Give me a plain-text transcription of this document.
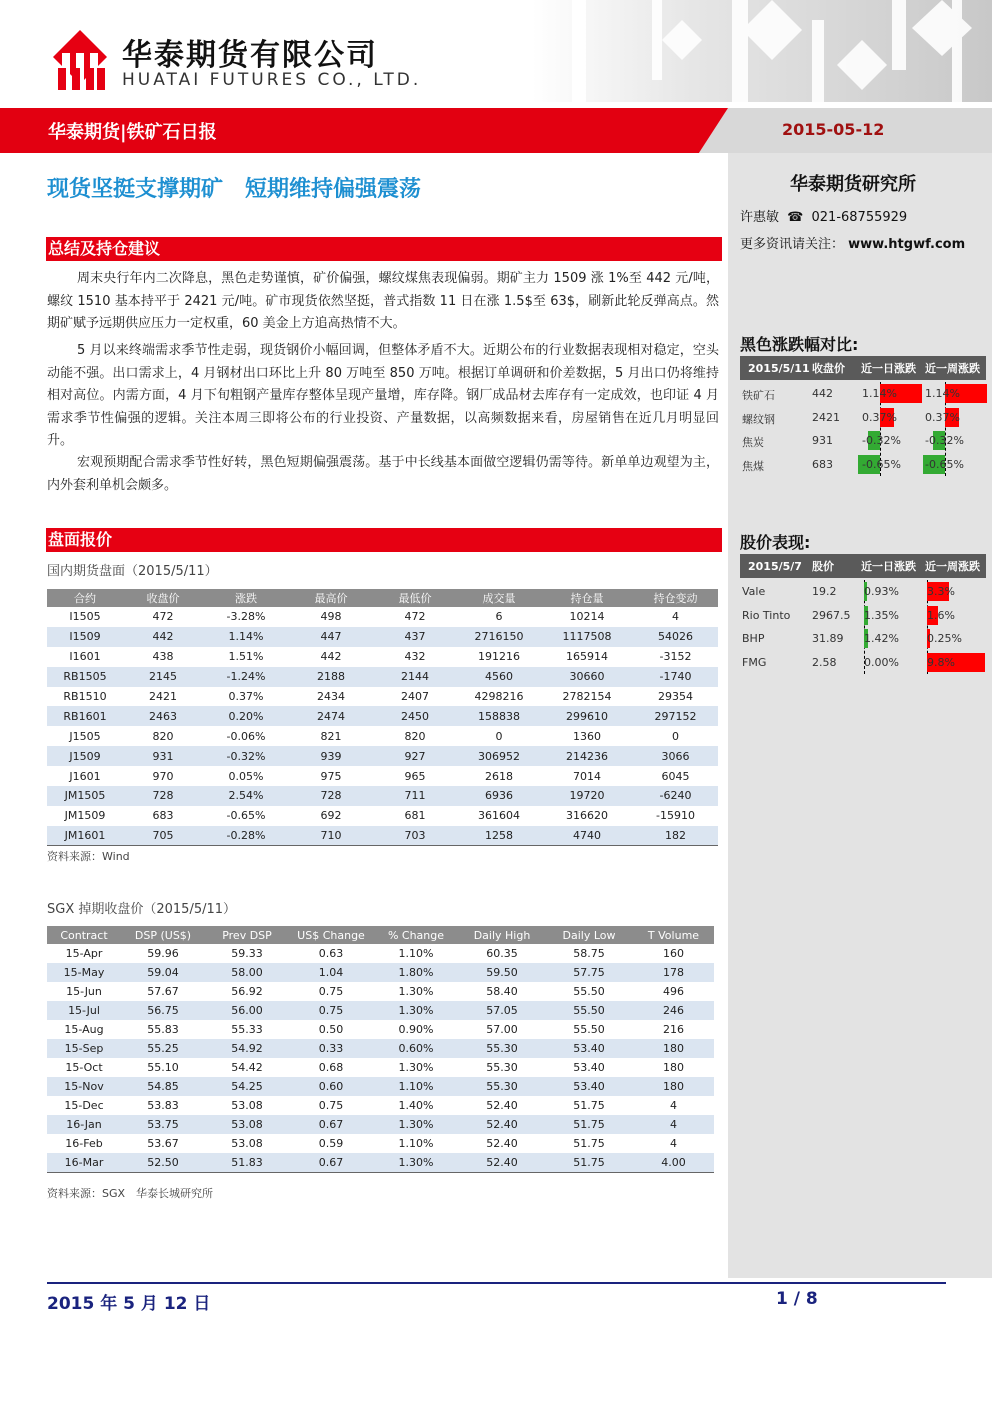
华泰期货有限公司
HUATAI FUTURES CO., LTD.
华泰期货|铁矿石日报	2015-05-12
现货坚挺支撑期矿　短期维持偏强震荡	华泰期货研究所
许惠敏 ☎ 021-68755929
更多资讯请关注： www.htgwf.com
黑色涨跌幅对比:
2015/5/11 收盘价	近一日涨跌 近一周涨跌
铁矿石	442	1.14%	1.14%
螺纹钢	2421 0.37%	0.37%
焦炭	931	-0.32% -0.32%
焦煤	683	-0.65% -0.65%
股价表现:
2015/5/7 股价	近一日涨跌 近一周涨跌
Vale	19.2	0.93%	3.3%
Rio Tinto 2967.5 1.35%	1.6%
BHP	31.89 1.42%	0.25%
FMG	2.58	0.00%	9.8%
总结及持仓建议

周末央行年内二次降息，黑色走势谨慎，矿价偏强，螺纹煤焦表现偏弱。期矿主力 1509 涨 1%至 442 元/吨，螺纹 1510 基本持平于 2421 元/吨。矿市现货依然坚挺，普式指数 11 日在涨 1.5$至 63$，刷新此轮反弹高点。然期矿赋予远期供应压力一定权重，60 美金上方追高热情不大。

5 月以来终端需求季节性走弱，现货钢价小幅回调，但整体矛盾不大。近期公布的行业数据表现相对稳定，空头动能不强。出口需求上，4 月钢材出口环比上升 80 万吨至 850 万吨。根据订单调研和价差数据，5 月出口仍将维持相对高位。内需方面，4 月下旬粗钢产量库存整体呈现产量增，库存降。钢厂成品材去库存有一定成效，也印证 4 月需求季节性偏强的逻辑。关注本周三即将公布的行业投资、产量数据，以高频数据来看，房屋销售在近几月明显回升。

宏观预期配合需求季节性好转，黑色短期偏强震荡。基于中长线基本面做空逻辑仍需等待。新单单边观望为主，内外套利单机会颇多。

盘面报价
国内期货盘面（2015/5/11）
合约	收盘价	涨跌	最高价	最低价	成交量	持仓量	持仓变动
I1505	472	-3.28%	498	472	6	10214	4
I1509	442	1.14%	447	437	2716150	1117508	54026
I1601	438	1.51%	442	432	191216	165914	-3152
RB1505	2145	-1.24%	2188	2144	4560	30660	-1740
RB1510	2421	0.37%	2434	2407	4298216	2782154	29354
RB1601	2463	0.20%	2474	2450	158838	299610	297152
J1505	820	-0.06%	821	820	0	1360	0
J1509	931	-0.32%	939	927	306952	214236	3066
J1601	970	0.05%	975	965	2618	7014	6045
JM1505	728	2.54%	728	711	6936	19720	-6240
JM1509	683	-0.65%	692	681	361604	316620	-15910
JM1601	705	-0.28%	710	703	1258	4740	182
资料来源：Wind
SGX 掉期收盘价（2015/5/11）
Contract	DSP (US$)	Prev DSP	US$ Change	% Change	Daily High	Daily Low	T Volume
15-Apr	59.96	59.33	0.63	1.10%	60.35	58.75	160
15-May	59.04	58.00	1.04	1.80%	59.50	57.75	178
15-Jun	57.67	56.92	0.75	1.30%	58.40	55.50	496
15-Jul	56.75	56.00	0.75	1.30%	57.05	55.50	246
15-Aug	55.83	55.33	0.50	0.90%	57.00	55.50	216
15-Sep	55.25	54.92	0.33	0.60%	55.30	53.40	180
15-Oct	55.10	54.42	0.68	1.30%	55.30	53.40	180
15-Nov	54.85	54.25	0.60	1.10%	55.30	53.40	180
15-Dec	53.83	53.08	0.75	1.40%	52.40	51.75	4
16-Jan	53.75	53.08	0.67	1.30%	52.40	51.75	4
16-Feb	53.67	53.08	0.59	1.10%	52.40	51.75	4
16-Mar	52.50	51.83	0.67	1.30%	52.40	51.75	4.00
资料来源：SGX　华泰长城研究所
2015 年 5 月 12 日	1 / 8
